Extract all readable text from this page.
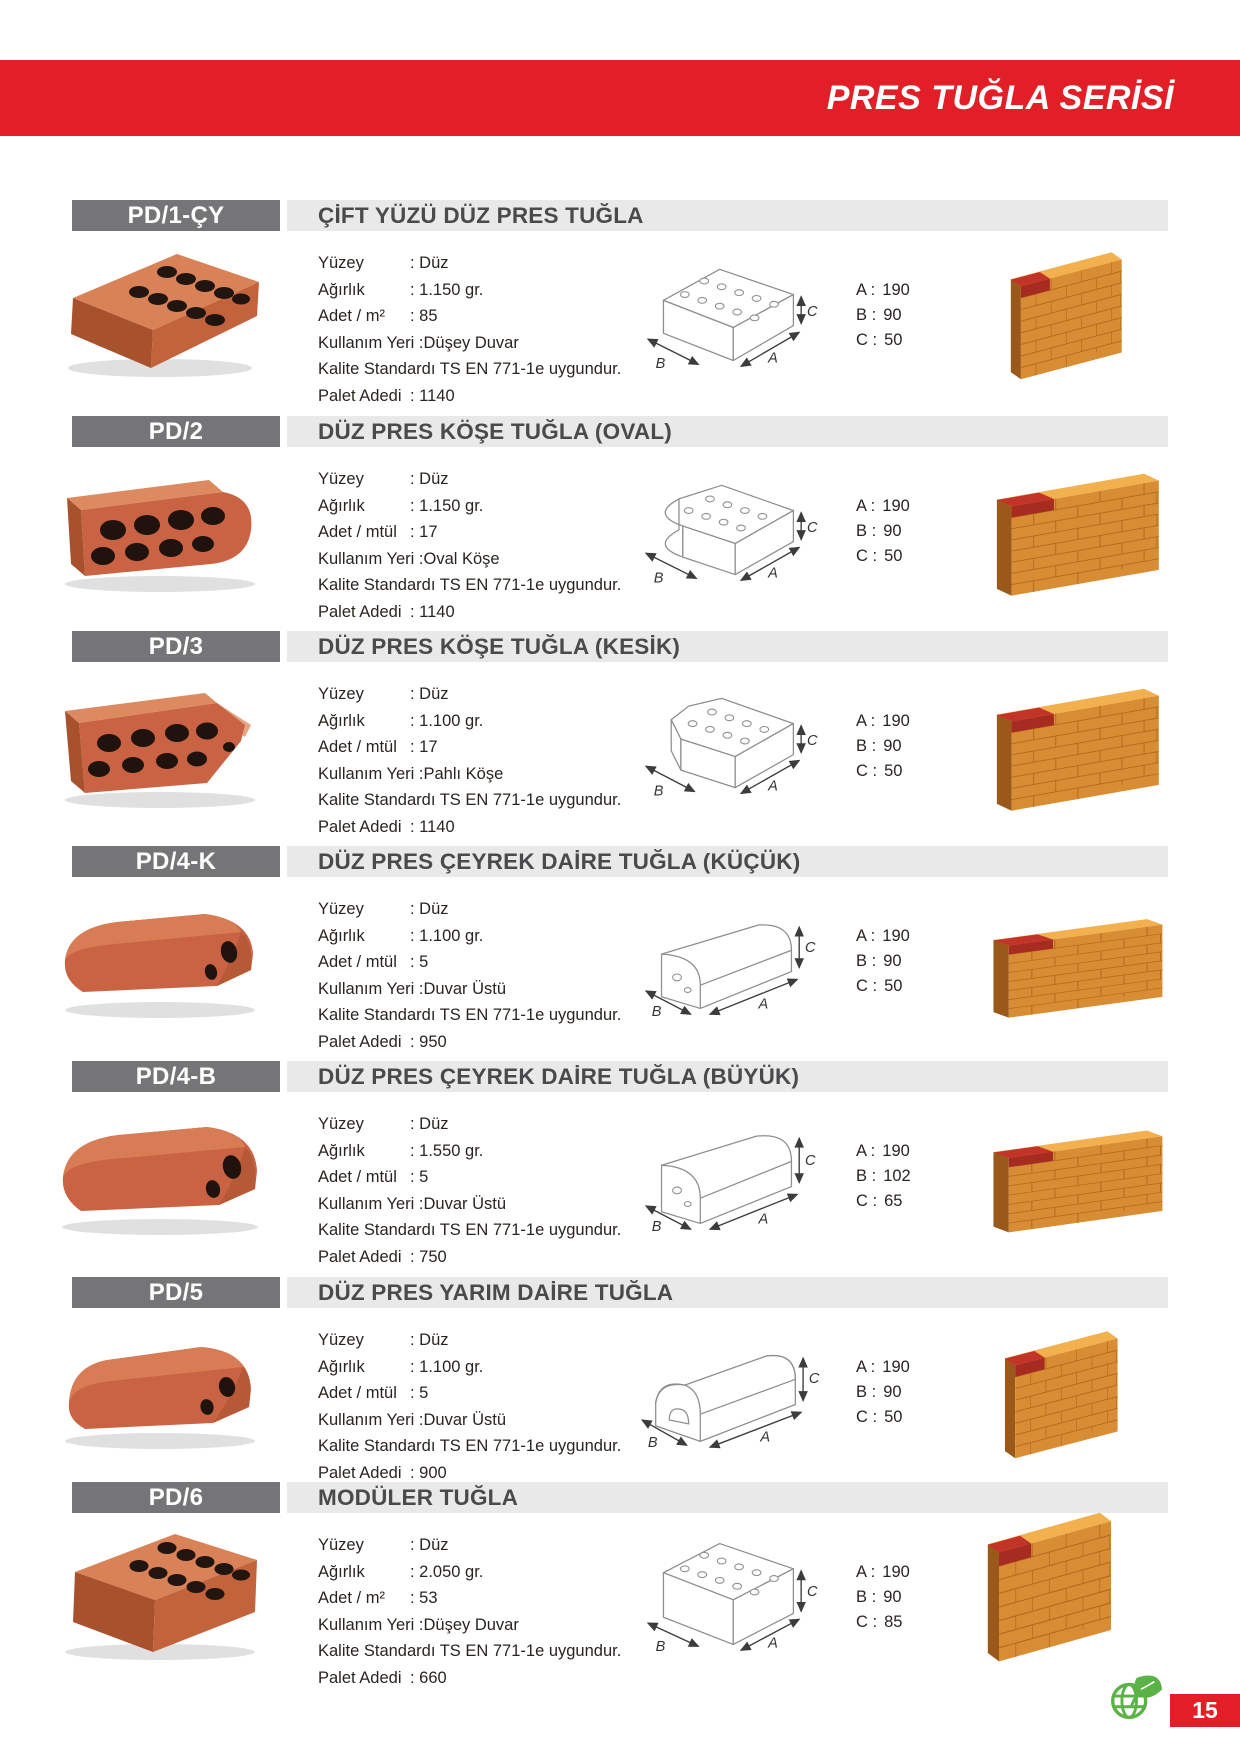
PRES TUĞLA SERİSİ
PD/1-ÇY	ÇİFT YÜZÜ DÜZ PRES TUĞLA
Yüzey	: Düz
Ağırlık	: 1.150 gr.
Adet / m² : 85
Kullanım Yeri :Düşey Duvar
Kalite Standardı TS EN 771-1e uygundur.
Palet Adedi : 1140
A
B
C
A : 190
B : 90
C : 50
PD/2	DÜZ PRES KÖŞE TUĞLA (OVAL)
Yüzey	: Düz
Ağırlık	: 1.150 gr.
Adet / mtül : 17
Kullanım Yeri :Oval Köşe
Kalite Standardı TS EN 771-1e uygundur.
Palet Adedi : 1140
A
B
C
A : 190
B : 90
C : 50
PD/3	DÜZ PRES KÖŞE TUĞLA (KESİK)
Yüzey	: Düz
Ağırlık	: 1.100 gr.
Adet / mtül : 17
Kullanım Yeri :Pahlı Köşe
Kalite Standardı TS EN 771-1e uygundur.
Palet Adedi : 1140
A
B
C
A : 190
B : 90
C : 50
PD/4-K	DÜZ PRES ÇEYREK DAİRE TUĞLA (KÜÇÜK)
Yüzey	: Düz
Ağırlık	: 1.100 gr.
Adet / mtül : 5
Kullanım Yeri :Duvar Üstü
Kalite Standardı TS EN 771-1e uygundur.
Palet Adedi : 950
A
B
C
A : 190
B : 90
C : 50
PD/4-B	DÜZ PRES ÇEYREK DAİRE TUĞLA (BÜYÜK)
Yüzey	: Düz
Ağırlık	: 1.550 gr.
Adet / mtül : 5
Kullanım Yeri :Duvar Üstü
Kalite Standardı TS EN 771-1e uygundur.
Palet Adedi : 750
A
B
C
A : 190
B : 102
C : 65
PD/5	DÜZ PRES YARIM DAİRE TUĞLA
Yüzey	: Düz
Ağırlık	: 1.100 gr.
Adet / mtül : 5
Kullanım Yeri :Duvar Üstü
Kalite Standardı TS EN 771-1e uygundur.
Palet Adedi : 900
A
B
C
A : 190
B : 90
C : 50
PD/6	MODÜLER TUĞLA
Yüzey	: Düz
Ağırlık	: 2.050 gr.
Adet / m² : 53
Kullanım Yeri :Düşey Duvar
Kalite Standardı TS EN 771-1e uygundur.
Palet Adedi : 660
A
B
C
A : 190
B : 90
C : 85
15
